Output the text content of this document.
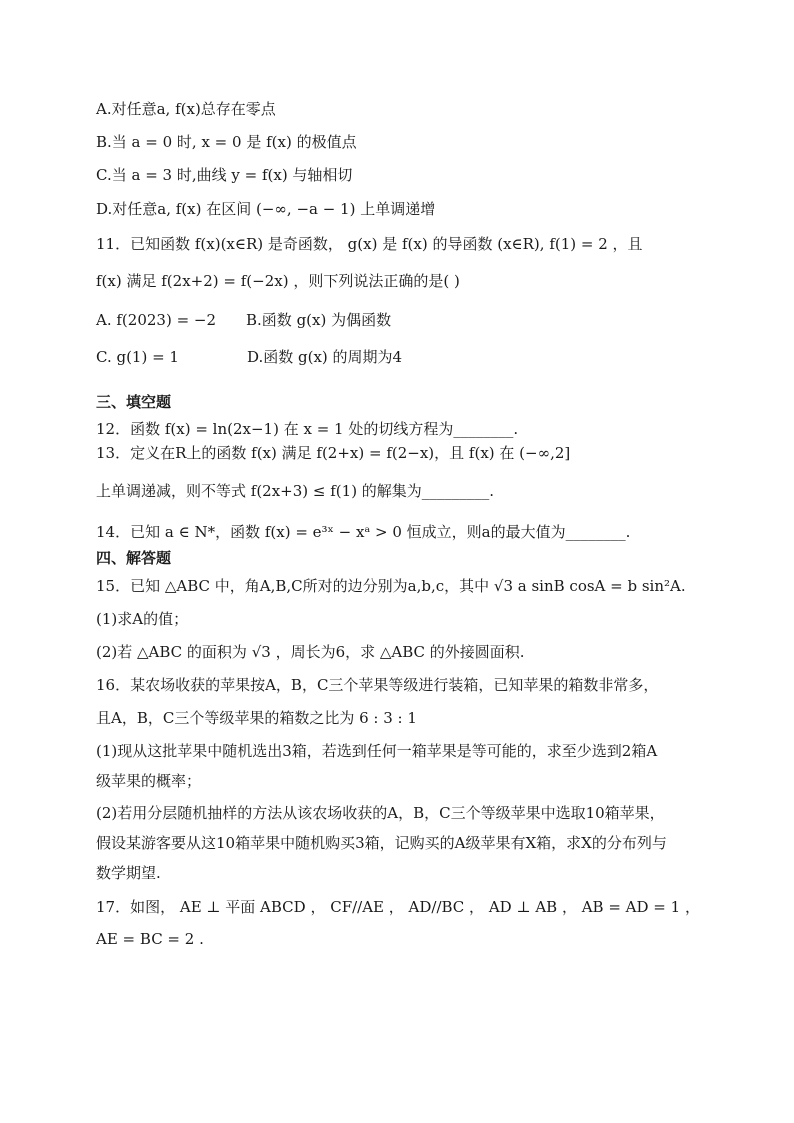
A.对任意a, f(x)总存在零点
B.当 a = 0 时, x = 0 是 f(x) 的极值点
C.当 a = 3 时,曲线 y = f(x) 与轴相切
D.对任意a, f(x) 在区间 (−∞, −a − 1) 上单调递增
11．已知函数 f(x)(x∈R) 是奇函数， g(x) 是 f(x) 的导函数 (x∈R), f(1) = 2 ，且
f(x) 满足 f(2x+2) = f(−2x) ，则下列说法正确的是( )
A. f(2023) = −2 B.函数 g(x) 为偶函数
C. g(1) = 1	D.函数 g(x) 的周期为4
三、填空题
12．函数 f(x) = ln(2x−1) 在 x = 1 处的切线方程为________.
13．定义在R上的函数 f(x) 满足 f(2+x) = f(2−x)，且 f(x) 在 (−∞,2]
上单调递减，则不等式 f(2x+3) ≤ f(1) 的解集为_________.
14．已知 a ∈ N*，函数 f(x) = e³ˣ − xᵃ > 0 恒成立，则a的最大值为________.
四、解答题
15．已知 △ABC 中，角A,B,C所对的边分别为a,b,c，其中 √3 a sinB cosA = b sin²A.
(1)求A的值；
(2)若 △ABC 的面积为 √3 ，周长为6，求 △ABC 的外接圆面积.
16．某农场收获的苹果按A，B，C三个苹果等级进行装箱，已知苹果的箱数非常多，
且A，B，C三个等级苹果的箱数之比为 6 : 3 : 1
(1)现从这批苹果中随机选出3箱，若选到任何一箱苹果是等可能的，求至少选到2箱A
级苹果的概率；
(2)若用分层随机抽样的方法从该农场收获的A，B，C三个等级苹果中选取10箱苹果，
假设某游客要从这10箱苹果中随机购买3箱，记购买的A级苹果有X箱，求X的分布列与
数学期望.
17．如图， AE ⊥ 平面 ABCD ， CF//AE ， AD//BC ， AD ⊥ AB ， AB = AD = 1 ，
AE = BC = 2 .
